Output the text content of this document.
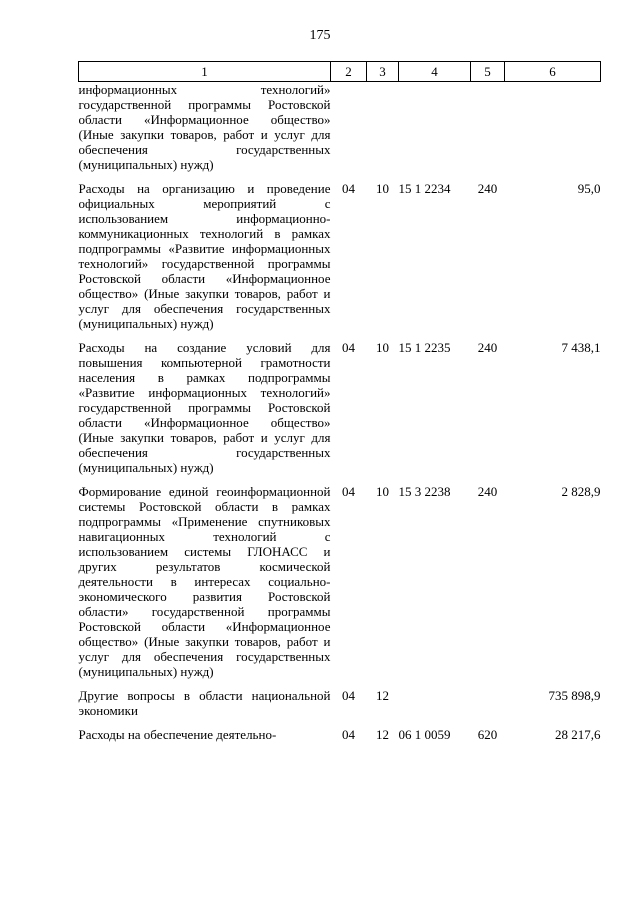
175
1	2	3	4	5	6
информационных технологий» государственной программы Ростовской области «Информационное общество» (Иные закупки товаров, работ и услуг для обеспечения государственных (муниципальных) нужд)					

Расходы на организацию и проведение официальных мероприятий с использованием информационно-коммуникационных технологий в рамках подпрограммы «Развитие информационных технологий» государственной программы Ростовской области «Информационное общество» (Иные закупки товаров, работ и услуг для обеспечения государственных (муниципальных) нужд)	04	10	15 1 2234	240	95,0

Расходы на создание условий для повышения компьютерной грамотности населения в рамках подпрограммы «Развитие информационных технологий» государственной программы Ростовской области «Информационное общество» (Иные закупки товаров, работ и услуг для обеспечения государственных (муниципальных) нужд)	04	10	15 1 2235	240	7 438,1

Формирование единой геоинформационной системы Ростовской области в рамках подпрограммы «Применение спутниковых навигационных технологий с использованием системы ГЛОНАСС и других результатов космической деятельности в интересах социально-экономического развития Ростовской области» государственной программы Ростовской области «Информационное общество» (Иные закупки товаров, работ и услуг для обеспечения государственных (муниципальных) нужд)	04	10	15 3 2238	240	2 828,9

Другие вопросы в области национальной экономики	04	12			735 898,9

Расходы на обеспечение деятельно-	04	12	06 1 0059	620	28 217,6
